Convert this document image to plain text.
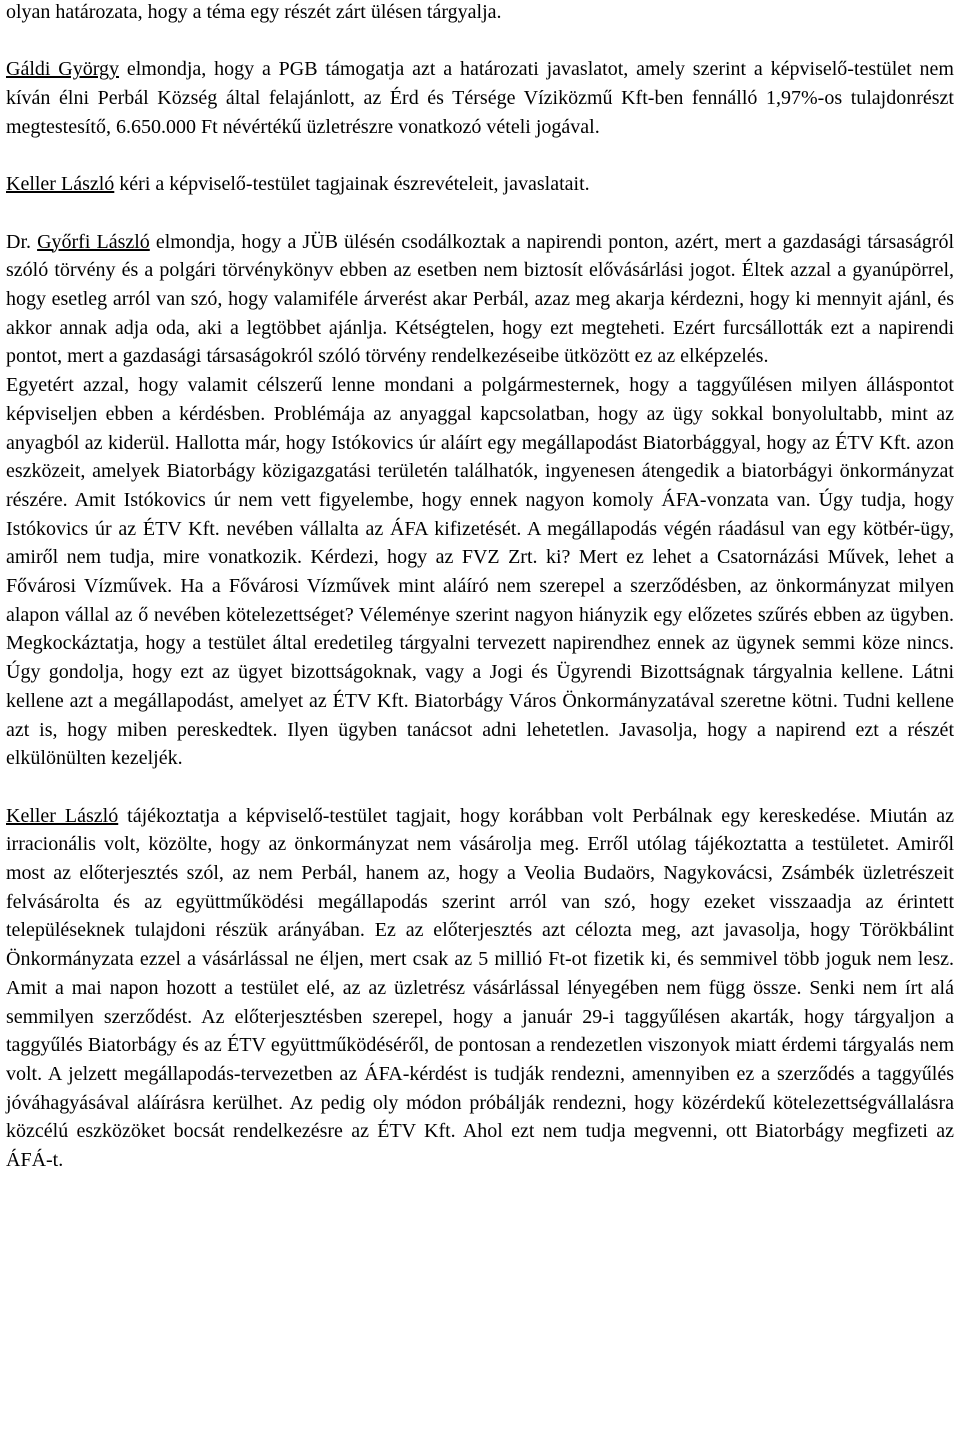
olyan határozata, hogy a téma egy részét zárt ülésen tárgyalja.

Gáldi György elmondja, hogy a PGB támogatja azt a határozati javaslatot, amely szerint a képviselő-testület nem kíván élni Perbál Község által felajánlott, az Érd és Térsége Víziközmű Kft-ben fennálló 1,97%-os tulajdonrészt megtestesítő, 6.650.000 Ft névértékű üzletrészre vonatkozó vételi jogával.

Keller László kéri a képviselő-testület tagjainak észrevételeit, javaslatait.

Dr. Győrfi László elmondja, hogy a JÜB ülésén csodálkoztak a napirendi ponton, azért, mert a gazdasági társaságról szóló törvény és a polgári törvénykönyv ebben az esetben nem biztosít elővásárlási jogot. Éltek azzal a gyanúpörrel, hogy esetleg arról van szó, hogy valamiféle árverést akar Perbál, azaz meg akarja kérdezni, hogy ki mennyit ajánl, és akkor annak adja oda, aki a legtöbbet ajánlja. Kétségtelen, hogy ezt megteheti. Ezért furcsállották ezt a napirendi pontot, mert a gazdasági társaságokról szóló törvény rendelkezéseibe ütközött ez az elképzelés.

Egyetért azzal, hogy valamit célszerű lenne mondani a polgármesternek, hogy a taggyűlésen milyen álláspontot képviseljen ebben a kérdésben. Problémája az anyaggal kapcsolatban, hogy az ügy sokkal bonyolultabb, mint az anyagból az kiderül. Hallotta már, hogy Istókovics úr aláírt egy megállapodást Biatorbággyal, hogy az ÉTV Kft. azon eszközeit, amelyek Biatorbágy közigazgatási területén találhatók, ingyenesen átengedik a biatorbágyi önkormányzat részére. Amit Istókovics úr nem vett figyelembe, hogy ennek nagyon komoly ÁFA-vonzata van. Úgy tudja, hogy Istókovics úr az ÉTV Kft. nevében vállalta az ÁFA kifizetését. A megállapodás végén ráadásul van egy kötbér-ügy, amiről nem tudja, mire vonatkozik. Kérdezi, hogy az FVZ Zrt. ki? Mert ez lehet a Csatornázási Művek, lehet a Fővárosi Vízművek. Ha a Fővárosi Vízművek mint aláíró nem szerepel a szerződésben, az önkormányzat milyen alapon vállal az ő nevében kötelezettséget? Véleménye szerint nagyon hiányzik egy előzetes szűrés ebben az ügyben. Megkockáztatja, hogy a testület által eredetileg tárgyalni tervezett napirendhez ennek az ügynek semmi köze nincs. Úgy gondolja, hogy ezt az ügyet bizottságoknak, vagy a Jogi és Ügyrendi Bizottságnak tárgyalnia kellene. Látni kellene azt a megállapodást, amelyet az ÉTV Kft. Biatorbágy Város Önkormányzatával szeretne kötni. Tudni kellene azt is, hogy miben pereskedtek. Ilyen ügyben tanácsot adni lehetetlen. Javasolja, hogy a napirend ezt a részét elkülönülten kezeljék.

Keller László tájékoztatja a képviselő-testület tagjait, hogy korábban volt Perbálnak egy kereskedése. Miután az irracionális volt, közölte, hogy az önkormányzat nem vásárolja meg. Erről utólag tájékoztatta a testületet. Amiről most az előterjesztés szól, az nem Perbál, hanem az, hogy a Veolia Budaörs, Nagykovácsi, Zsámbék üzletrészeit felvásárolta és az együttműködési megállapodás szerint arról van szó, hogy ezeket visszaadja az érintett településeknek tulajdoni részük arányában. Ez az előterjesztés azt célozta meg, azt javasolja, hogy Törökbálint Önkormányzata ezzel a vásárlással ne éljen, mert csak az 5 millió Ft-ot fizetik ki, és semmivel több joguk nem lesz. Amit a mai napon hozott a testület elé, az az üzletrész vásárlással lényegében nem függ össze. Senki nem írt alá semmilyen szerződést. Az előterjesztésben szerepel, hogy a január 29-i taggyűlésen akarták, hogy tárgyaljon a taggyűlés Biatorbágy és az ÉTV együttműködéséről, de pontosan a rendezetlen viszonyok miatt érdemi tárgyalás nem volt. A jelzett megállapodás-tervezetben az ÁFA-kérdést is tudják rendezni, amennyiben ez a szerződés a taggyűlés jóváhagyásával aláírásra kerülhet. Az pedig oly módon próbálják rendezni, hogy közérdekű kötelezettségvállalásra közcélú eszközöket bocsát rendelkezésre az ÉTV Kft. Ahol ezt nem tudja megvenni, ott Biatorbágy megfizeti az ÁFÁ-t.
